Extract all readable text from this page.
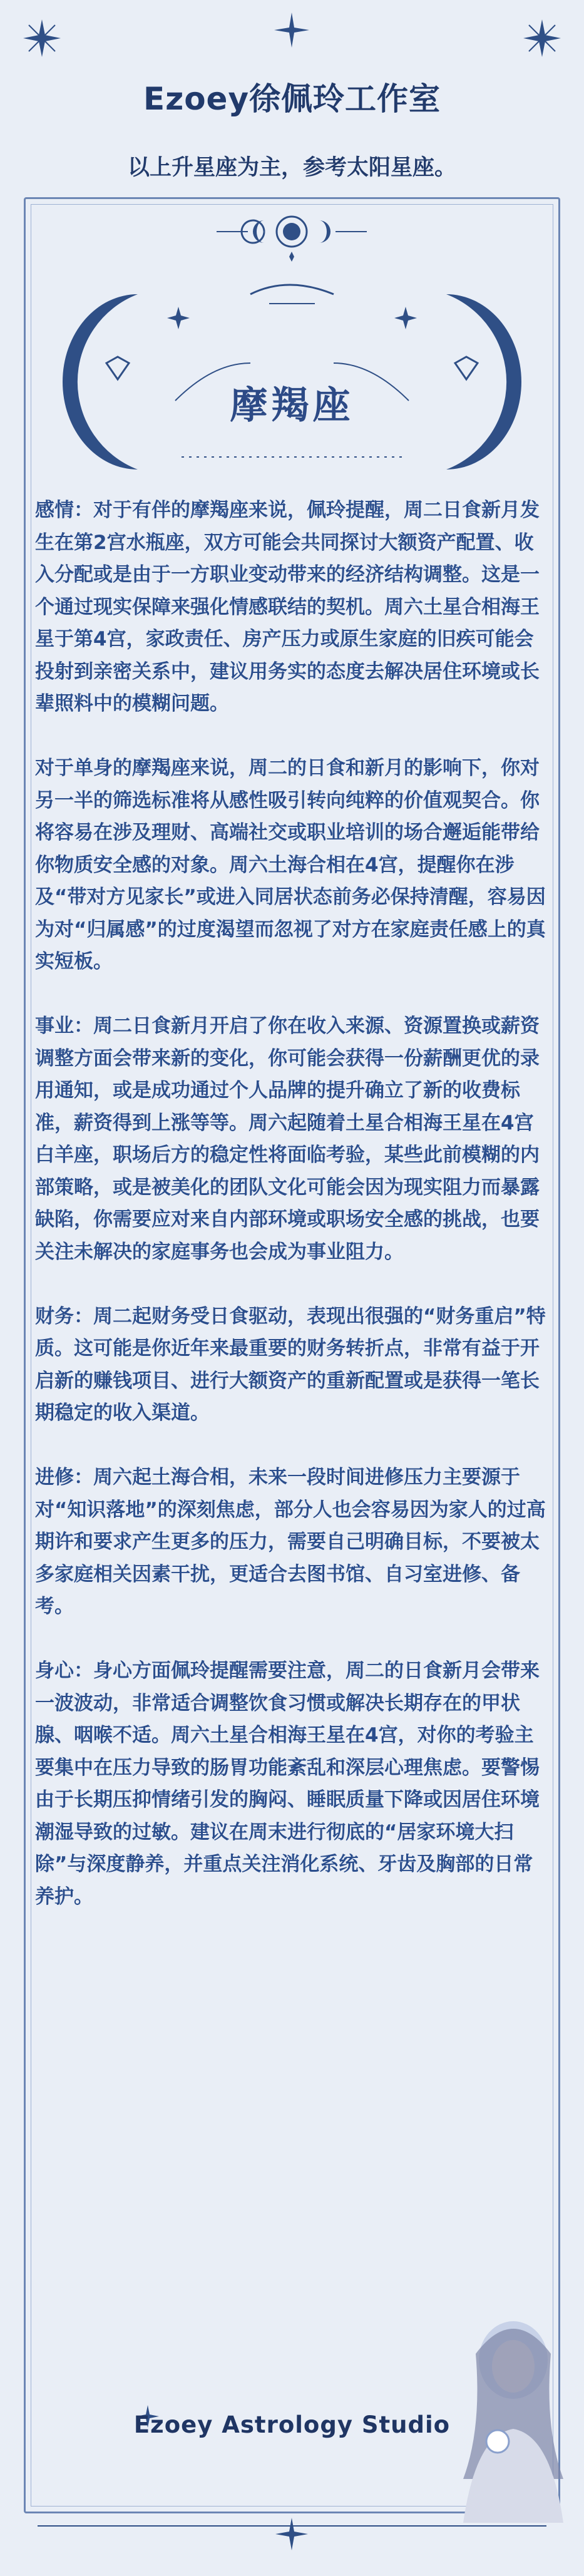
Ezoey徐佩玲工作室
以上升星座为主，参考太阳星座。
摩羯座

感情：对于有伴的摩羯座来说，佩玲提醒，周二日食新月发生在第2宫水瓶座，双方可能会共同探讨大额资产配置、收入分配或是由于一方职业变动带来的经济结构调整。这是一个通过现实保障来强化情感联结的契机。周六土星合相海王星于第4宫，家政责任、房产压力或原生家庭的旧疾可能会投射到亲密关系中，建议用务实的态度去解决居住环境或长辈照料中的模糊问题。

对于单身的摩羯座来说，周二的日食和新月的影响下，你对另一半的筛选标准将从感性吸引转向纯粹的价值观契合。你将容易在涉及理财、高端社交或职业培训的场合邂逅能带给你物质安全感的对象。周六土海合相在4宫，提醒你在涉及“带对方见家长”或进入同居状态前务必保持清醒，容易因为对“归属感”的过度渴望而忽视了对方在家庭责任感上的真实短板。

事业：周二日食新月开启了你在收入来源、资源置换或薪资调整方面会带来新的变化，你可能会获得一份薪酬更优的录用通知，或是成功通过个人品牌的提升确立了新的收费标准，薪资得到上涨等等。周六起随着土星合相海王星在4宫白羊座，职场后方的稳定性将面临考验，某些此前模糊的内部策略，或是被美化的团队文化可能会因为现实阻力而暴露缺陷，你需要应对来自内部环境或职场安全感的挑战，也要关注未解决的家庭事务也会成为事业阻力。

财务：周二起财务受日食驱动，表现出很强的“财务重启”特质。这可能是你近年来最重要的财务转折点，非常有益于开启新的赚钱项目、进行大额资产的重新配置或是获得一笔长期稳定的收入渠道。

进修：周六起土海合相，未来一段时间进修压力主要源于对“知识落地”的深刻焦虑，部分人也会容易因为家人的过高期许和要求产生更多的压力，需要自己明确目标，不要被太多家庭相关因素干扰，更适合去图书馆、自习室进修、备考。

身心：身心方面佩玲提醒需要注意，周二的日食新月会带来一波波动，非常适合调整饮食习惯或解决长期存在的甲状腺、咽喉不适。周六土星合相海王星在4宫，对你的考验主要集中在压力导致的肠胃功能紊乱和深层心理焦虑。要警惕由于长期压抑情绪引发的胸闷、睡眠质量下降或因居住环境潮湿导致的过敏。建议在周末进行彻底的“居家环境大扫除”与深度静养，并重点关注消化系统、牙齿及胸部的日常养护。

Ezoey Astrology Studio
